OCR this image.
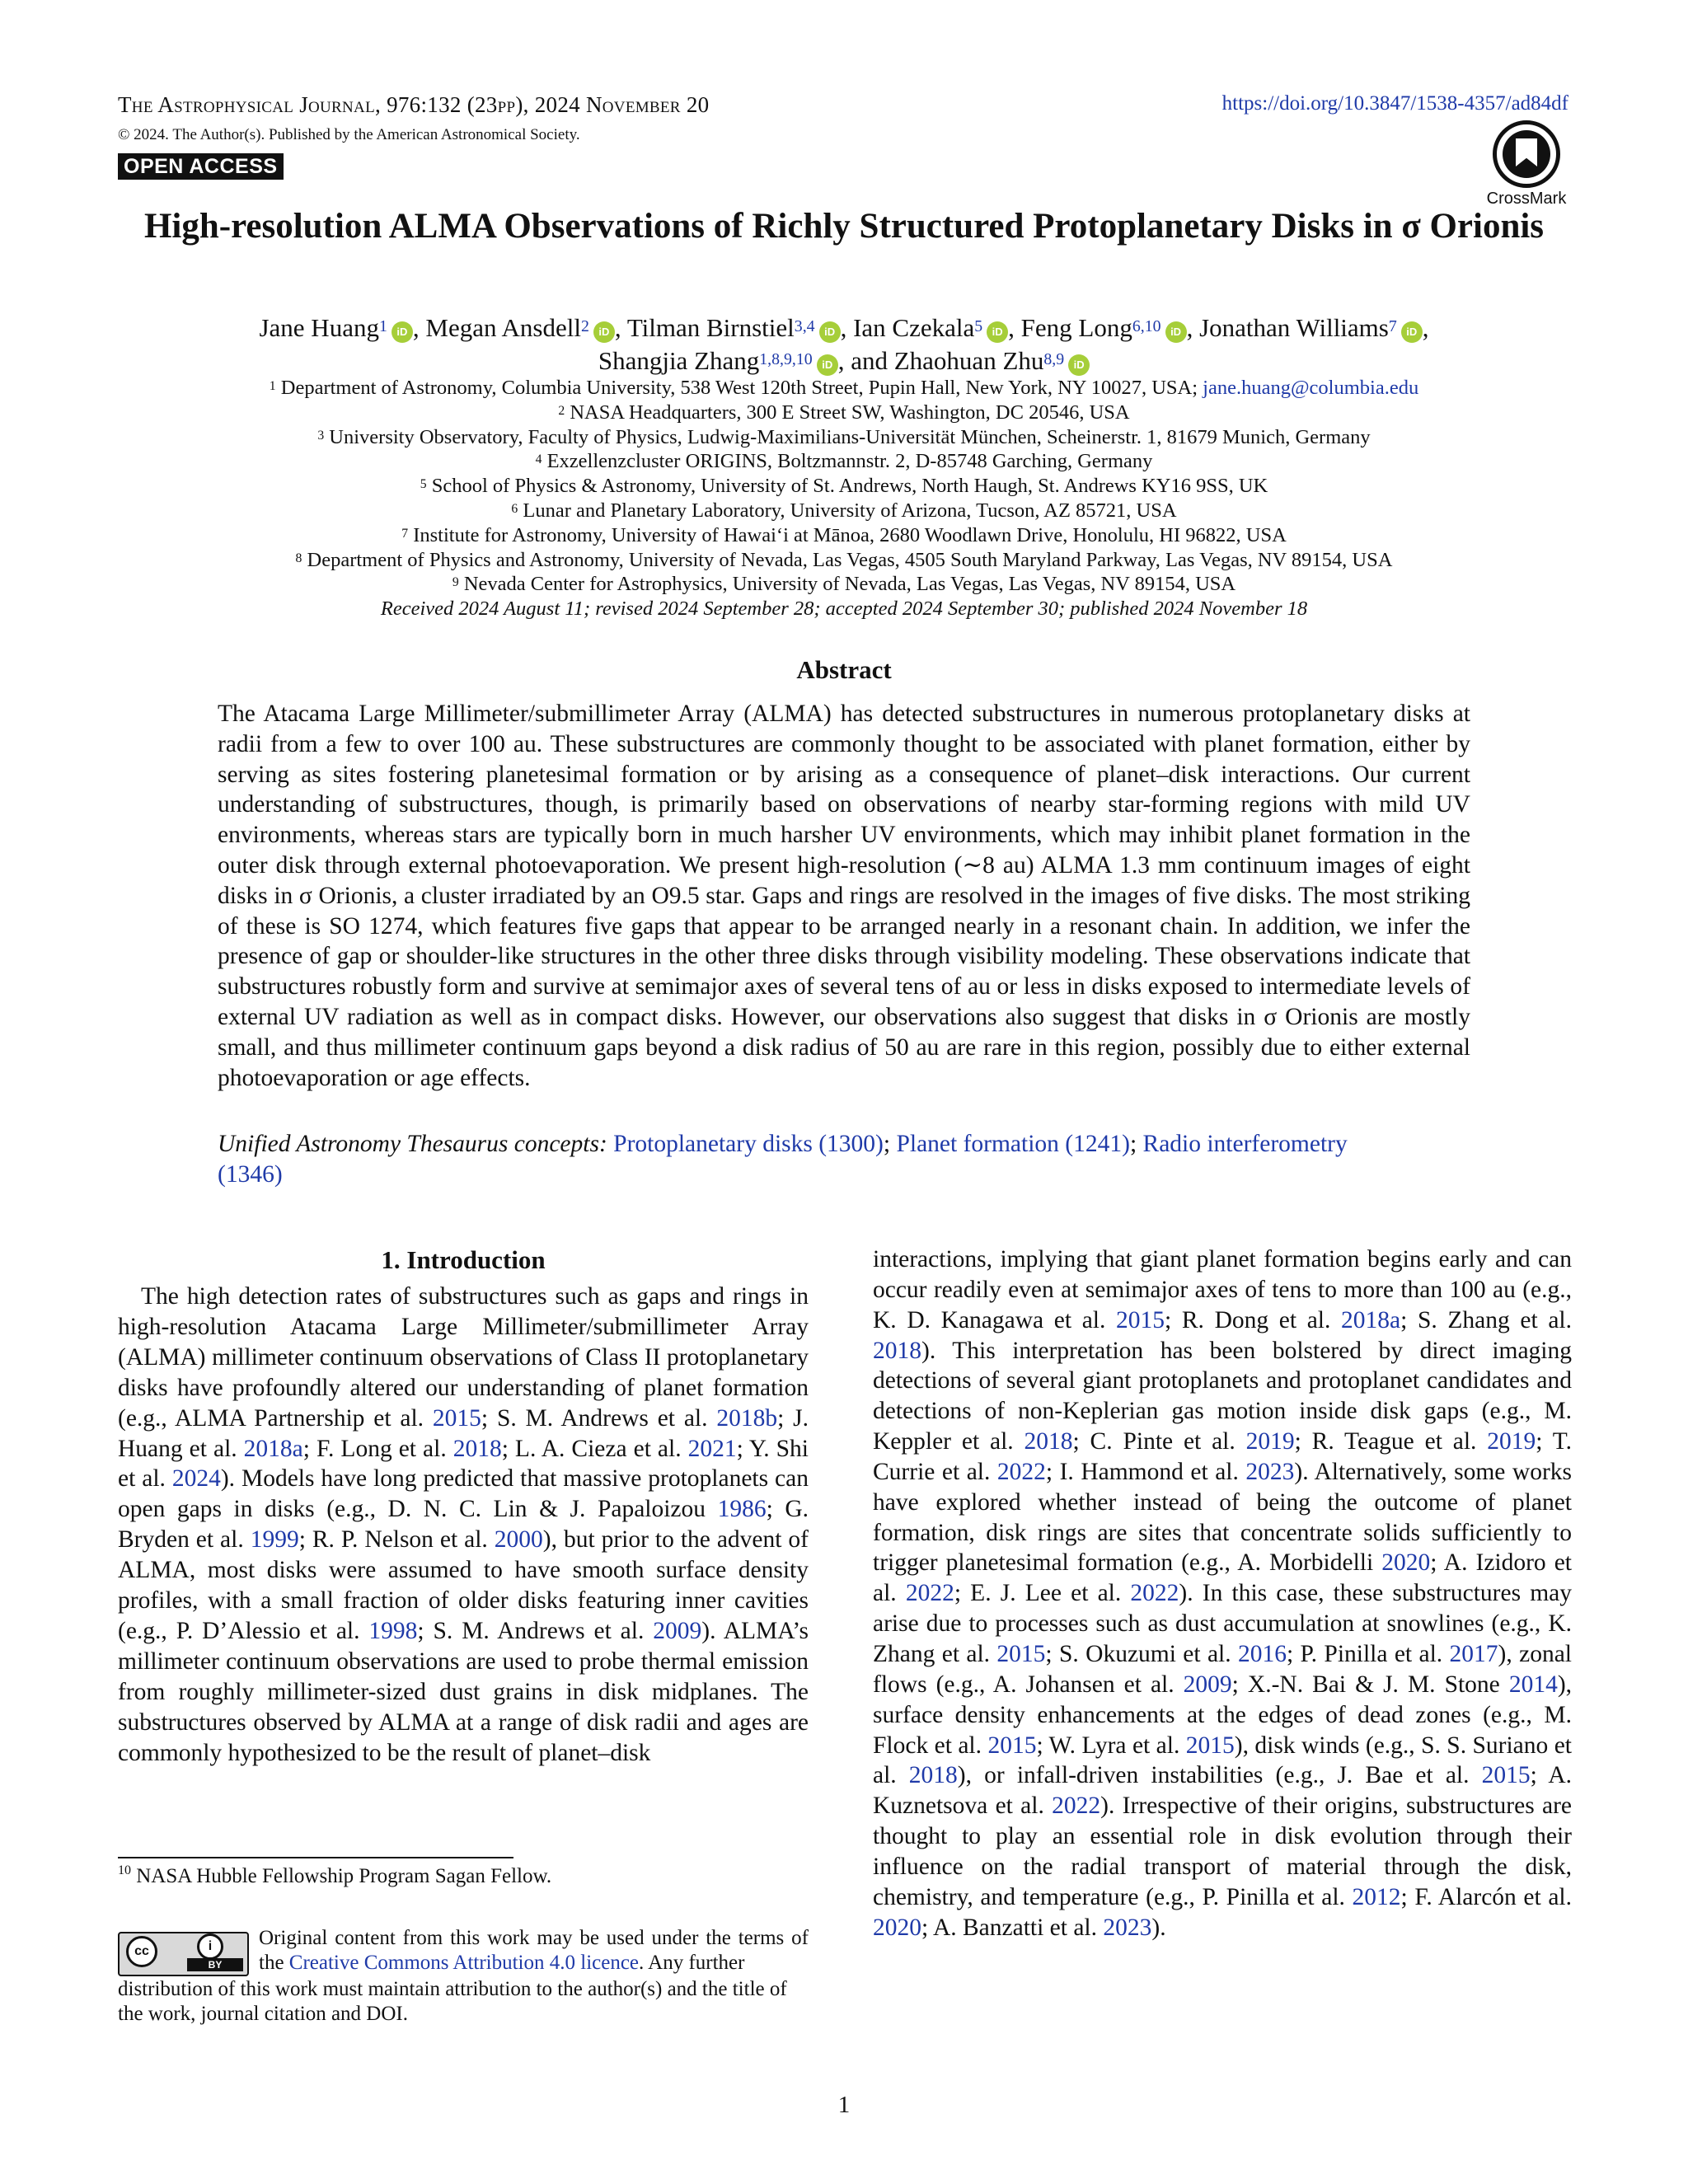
The Astrophysical Journal, 976:132 (23pp), 2024 November 20
© 2024. The Author(s). Published by the American Astronomical Society.
OPEN ACCESS
https://doi.org/10.3847/1538-4357/ad84df
CrossMark
High-resolution ALMA Observations of Richly Structured Protoplanetary Disks in σ Orionis
Jane Huang$^1$ iD , Megan Ansdell$^2$ iD , Tilman Birnstiel$^{3,4}$ iD , Ian Czekala$^5$ iD , Feng Long$^{6,10}$ iD , Jonathan Williams$^7$ iD ,
Shangjia Zhang$^{1,8,9,10}$ iD , and Zhaohuan Zhu$^{8,9}$ iD
$^1$ Department of Astronomy, Columbia University, 538 West 120th Street, Pupin Hall, New York, NY 10027, USA; jane.huang@columbia.edu
$^2$ NASA Headquarters, 300 E Street SW, Washington, DC 20546, USA
$^3$ University Observatory, Faculty of Physics, Ludwig-Maximilians-Universität München, Scheinerstr. 1, 81679 Munich, Germany
$^4$ Exzellenzcluster ORIGINS, Boltzmannstr. 2, D-85748 Garching, Germany
$^5$ School of Physics & Astronomy, University of St. Andrews, North Haugh, St. Andrews KY16 9SS, UK
$^6$ Lunar and Planetary Laboratory, University of Arizona, Tucson, AZ 85721, USA
$^7$ Institute for Astronomy, University of Hawai‘i at Mānoa, 2680 Woodlawn Drive, Honolulu, HI 96822, USA
$^8$ Department of Physics and Astronomy, University of Nevada, Las Vegas, 4505 South Maryland Parkway, Las Vegas, NV 89154, USA
$^9$ Nevada Center for Astrophysics, University of Nevada, Las Vegas, Las Vegas, NV 89154, USA
Received 2024 August 11; revised 2024 September 28; accepted 2024 September 30; published 2024 November 18
Abstract
The Atacama Large Millimeter/submillimeter Array (ALMA) has detected substructures in numerous protoplanetary disks at radii from a few to over 100 au. These substructures are commonly thought to be associated with planet formation, either by serving as sites fostering planetesimal formation or by arising as a consequence of planet–disk interactions. Our current understanding of substructures, though, is primarily based on observations of nearby star-forming regions with mild UV environments, whereas stars are typically born in much harsher UV environments, which may inhibit planet formation in the outer disk through external photoevaporation. We present high-resolution (∼8 au) ALMA 1.3 mm continuum images of eight disks in σ Orionis, a cluster irradiated by an O9.5 star. Gaps and rings are resolved in the images of five disks. The most striking of these is SO 1274, which features five gaps that appear to be arranged nearly in a resonant chain. In addition, we infer the presence of gap or shoulder-like structures in the other three disks through visibility modeling. These observations indicate that substructures robustly form and survive at semimajor axes of several tens of au or less in disks exposed to intermediate levels of external UV radiation as well as in compact disks. However, our observations also suggest that disks in σ Orionis are mostly small, and thus millimeter continuum gaps beyond a disk radius of 50 au are rare in this region, possibly due to either external photoevaporation or age effects.
Unified Astronomy Thesaurus concepts: Protoplanetary disks (1300); Planet formation (1241); Radio interferometry (1346)
1. Introduction
The high detection rates of substructures such as gaps and rings in high-resolution Atacama Large Millimeter/submillimeter Array (ALMA) millimeter continuum observations of Class II protoplanetary disks have profoundly altered our understanding of planet formation (e.g., ALMA Partnership et al. 2015; S. M. Andrews et al. 2018b; J. Huang et al. 2018a; F. Long et al. 2018; L. A. Cieza et al. 2021; Y. Shi et al. 2024). Models have long predicted that massive protoplanets can open gaps in disks (e.g., D. N. C. Lin & J. Papaloizou 1986; G. Bryden et al. 1999; R. P. Nelson et al. 2000), but prior to the advent of ALMA, most disks were assumed to have smooth surface density profiles, with a small fraction of older disks featuring inner cavities (e.g., P. D’Alessio et al. 1998; S. M. Andrews et al. 2009). ALMA’s millimeter continuum observations are used to probe thermal emission from roughly millimeter-sized dust grains in disk midplanes. The substructures observed by ALMA at a range of disk radii and ages are commonly hypothesized to be the result of planet–disk
interactions, implying that giant planet formation begins early and can occur readily even at semimajor axes of tens to more than 100 au (e.g., K. D. Kanagawa et al. 2015; R. Dong et al. 2018a; S. Zhang et al. 2018). This interpretation has been bolstered by direct imaging detections of several giant protoplanets and protoplanet candidates and detections of non-Keplerian gas motion inside disk gaps (e.g., M. Keppler et al. 2018; C. Pinte et al. 2019; R. Teague et al. 2019; T. Currie et al. 2022; I. Hammond et al. 2023). Alternatively, some works have explored whether instead of being the outcome of planet formation, disk rings are sites that concentrate solids sufficiently to trigger planetesimal formation (e.g., A. Morbidelli 2020; A. Izidoro et al. 2022; E. J. Lee et al. 2022). In this case, these substructures may arise due to processes such as dust accumulation at snowlines (e.g., K. Zhang et al. 2015; S. Okuzumi et al. 2016; P. Pinilla et al. 2017), zonal flows (e.g., A. Johansen et al. 2009; X.-N. Bai & J. M. Stone 2014), surface density enhancements at the edges of dead zones (e.g., M. Flock et al. 2015; W. Lyra et al. 2015), disk winds (e.g., S. S. Suriano et al. 2018), or infall-driven instabilities (e.g., J. Bae et al. 2015; A. Kuznetsova et al. 2022). Irrespective of their origins, substructures are thought to play an essential role in disk evolution through their influence on the radial transport of material through the disk, chemistry, and temperature (e.g., P. Pinilla et al. 2012; F. Alarcón et al. 2020; A. Banzatti et al. 2023).
$^{10}$ NASA Hubble Fellowship Program Sagan Fellow.
cc	i
BY
Original content from this work may be used under the terms of the Creative Commons Attribution 4.0 licence. Any further
distribution of this work must maintain attribution to the author(s) and the title of the work, journal citation and DOI.
1
